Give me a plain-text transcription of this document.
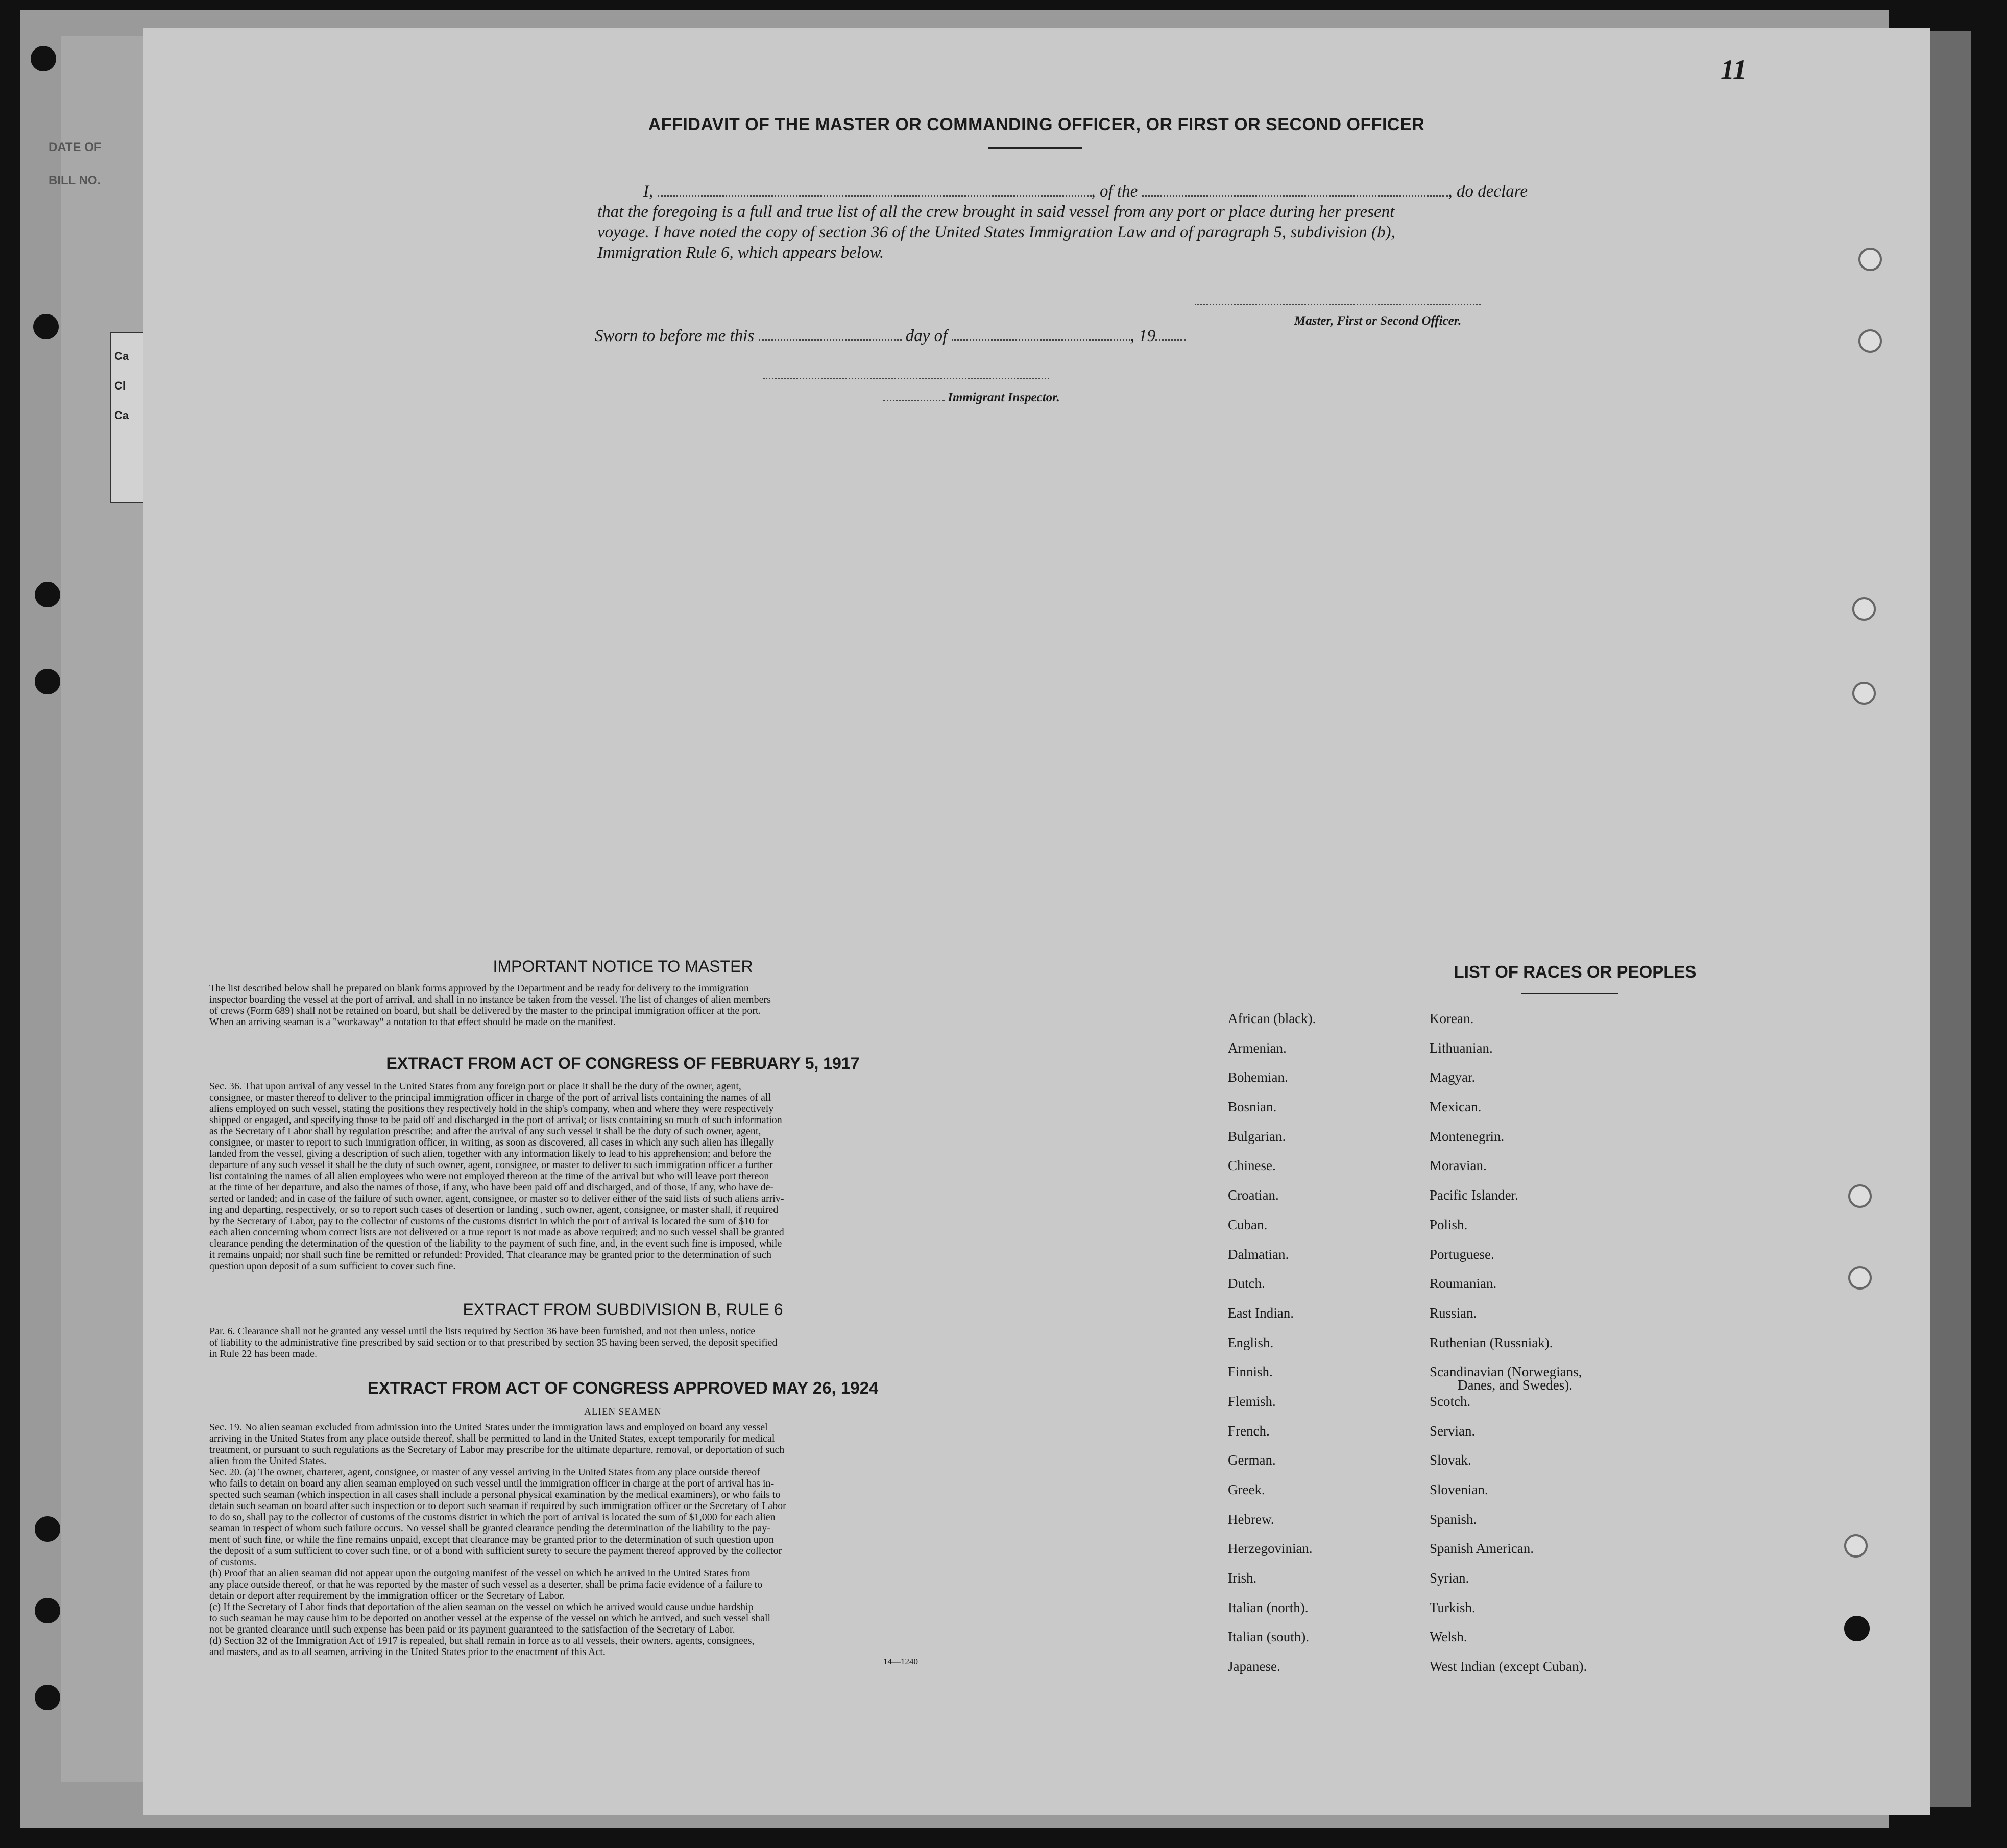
DATE OF
BILL NO.
Ca
Cl
Ca
11
AFFIDAVIT OF THE MASTER OR COMMANDING OFFICER, OR FIRST OR SECOND OFFICER
I,	, of the	, do declare
that the foregoing is a full and true list of all the crew brought in said vessel from any port or place during her present
voyage. I have noted the copy of section 36 of the United States Immigration Law and of paragraph 5, subdivision (b),
Immigration Rule 6, which appears below.
Master, First or Second Officer.
Sworn to before me this	day of	, 19
Immigrant Inspector.
IMPORTANT NOTICE TO MASTER
The list described below shall be prepared on blank forms approved by the Department and be ready for delivery to the immigration
inspector boarding the vessel at the port of arrival, and shall in no instance be taken from the vessel. The list of changes of alien members
of crews (Form 689) shall not be retained on board, but shall be delivered by the master to the principal immigration officer at the port.
When an arriving seaman is a "workaway" a notation to that effect should be made on the manifest.
EXTRACT FROM ACT OF CONGRESS OF FEBRUARY 5, 1917
Sec. 36. That upon arrival of any vessel in the United States from any foreign port or place it shall be the duty of the owner, agent,
consignee, or master thereof to deliver to the principal immigration officer in charge of the port of arrival lists containing the names of all
aliens employed on such vessel, stating the positions they respectively hold in the ship's company, when and where they were respectively
shipped or engaged, and specifying those to be paid off and discharged in the port of arrival; or lists containing so much of such information
as the Secretary of Labor shall by regulation prescribe; and after the arrival of any such vessel it shall be the duty of such owner, agent,
consignee, or master to report to such immigration officer, in writing, as soon as discovered, all cases in which any such alien has illegally
landed from the vessel, giving a description of such alien, together with any information likely to lead to his apprehension; and before the
departure of any such vessel it shall be the duty of such owner, agent, consignee, or master to deliver to such immigration officer a further
list containing the names of all alien employees who were not employed thereon at the time of the arrival but who will leave port thereon
at the time of her departure, and also the names of those, if any, who have been paid off and discharged, and of those, if any, who have de-
serted or landed; and in case of the failure of such owner, agent, consignee, or master so to deliver either of the said lists of such aliens arriv-
ing and departing, respectively, or so to report such cases of desertion or landing , such owner, agent, consignee, or master shall, if required
by the Secretary of Labor, pay to the collector of customs of the customs district in which the port of arrival is located the sum of $10 for
each alien concerning whom correct lists are not delivered or a true report is not made as above required; and no such vessel shall be granted
clearance pending the determination of the question of the liability to the payment of such fine, and, in the event such fine is imposed, while
it remains unpaid; nor shall such fine be remitted or refunded: Provided, That clearance may be granted prior to the determination of such
question upon deposit of a sum sufficient to cover such fine.
EXTRACT FROM SUBDIVISION B, RULE 6
Par. 6. Clearance shall not be granted any vessel until the lists required by Section 36 have been furnished, and not then unless, notice
of liability to the administrative fine prescribed by said section or to that prescribed by section 35 having been served, the deposit specified
in Rule 22 has been made.
EXTRACT FROM ACT OF CONGRESS APPROVED MAY 26, 1924
ALIEN SEAMEN
Sec. 19. No alien seaman excluded from admission into the United States under the immigration laws and employed on board any vessel
arriving in the United States from any place outside thereof, shall be permitted to land in the United States, except temporarily for medical
treatment, or pursuant to such regulations as the Secretary of Labor may prescribe for the ultimate departure, removal, or deportation of such
alien from the United States.
Sec. 20. (a) The owner, charterer, agent, consignee, or master of any vessel arriving in the United States from any place outside thereof
who fails to detain on board any alien seaman employed on such vessel until the immigration officer in charge at the port of arrival has in-
spected such seaman (which inspection in all cases shall include a personal physical examination by the medical examiners), or who fails to
detain such seaman on board after such inspection or to deport such seaman if required by such immigration officer or the Secretary of Labor
to do so, shall pay to the collector of customs of the customs district in which the port of arrival is located the sum of $1,000 for each alien
seaman in respect of whom such failure occurs. No vessel shall be granted clearance pending the determination of the liability to the pay-
ment of such fine, or while the fine remains unpaid, except that clearance may be granted prior to the determination of such question upon
the deposit of a sum sufficient to cover such fine, or of a bond with sufficient surety to secure the payment thereof approved by the collector
of customs.
(b) Proof that an alien seaman did not appear upon the outgoing manifest of the vessel on which he arrived in the United States from
any place outside thereof, or that he was reported by the master of such vessel as a deserter, shall be prima facie evidence of a failure to
detain or deport after requirement by the immigration officer or the Secretary of Labor.
(c) If the Secretary of Labor finds that deportation of the alien seaman on the vessel on which he arrived would cause undue hardship
to such seaman he may cause him to be deported on another vessel at the expense of the vessel on which he arrived, and such vessel shall
not be granted clearance until such expense has been paid or its payment guaranteed to the satisfaction of the Secretary of Labor.
(d) Section 32 of the Immigration Act of 1917 is repealed, but shall remain in force as to all vessels, their owners, agents, consignees,
and masters, and as to all seamen, arriving in the United States prior to the enactment of this Act.
14—1240
LIST OF RACES OR PEOPLES
African (black).
Armenian.
Bohemian.
Bosnian.
Bulgarian.
Chinese.
Croatian.
Cuban.
Dalmatian.
Dutch.
East Indian.
English.
Finnish.
Flemish.
French.
German.
Greek.
Hebrew.
Herzegovinian.
Irish.
Italian (north).
Italian (south).
Japanese.
Korean.
Lithuanian.
Magyar.
Mexican.
Montenegrin.
Moravian.
Pacific Islander.
Polish.
Portuguese.
Roumanian.
Russian.
Ruthenian (Russniak).
Scandinavian (Norwegians,
Danes, and Swedes).
Scotch.
Servian.
Slovak.
Slovenian.
Spanish.
Spanish American.
Syrian.
Turkish.
Welsh.
West Indian (except Cuban).
